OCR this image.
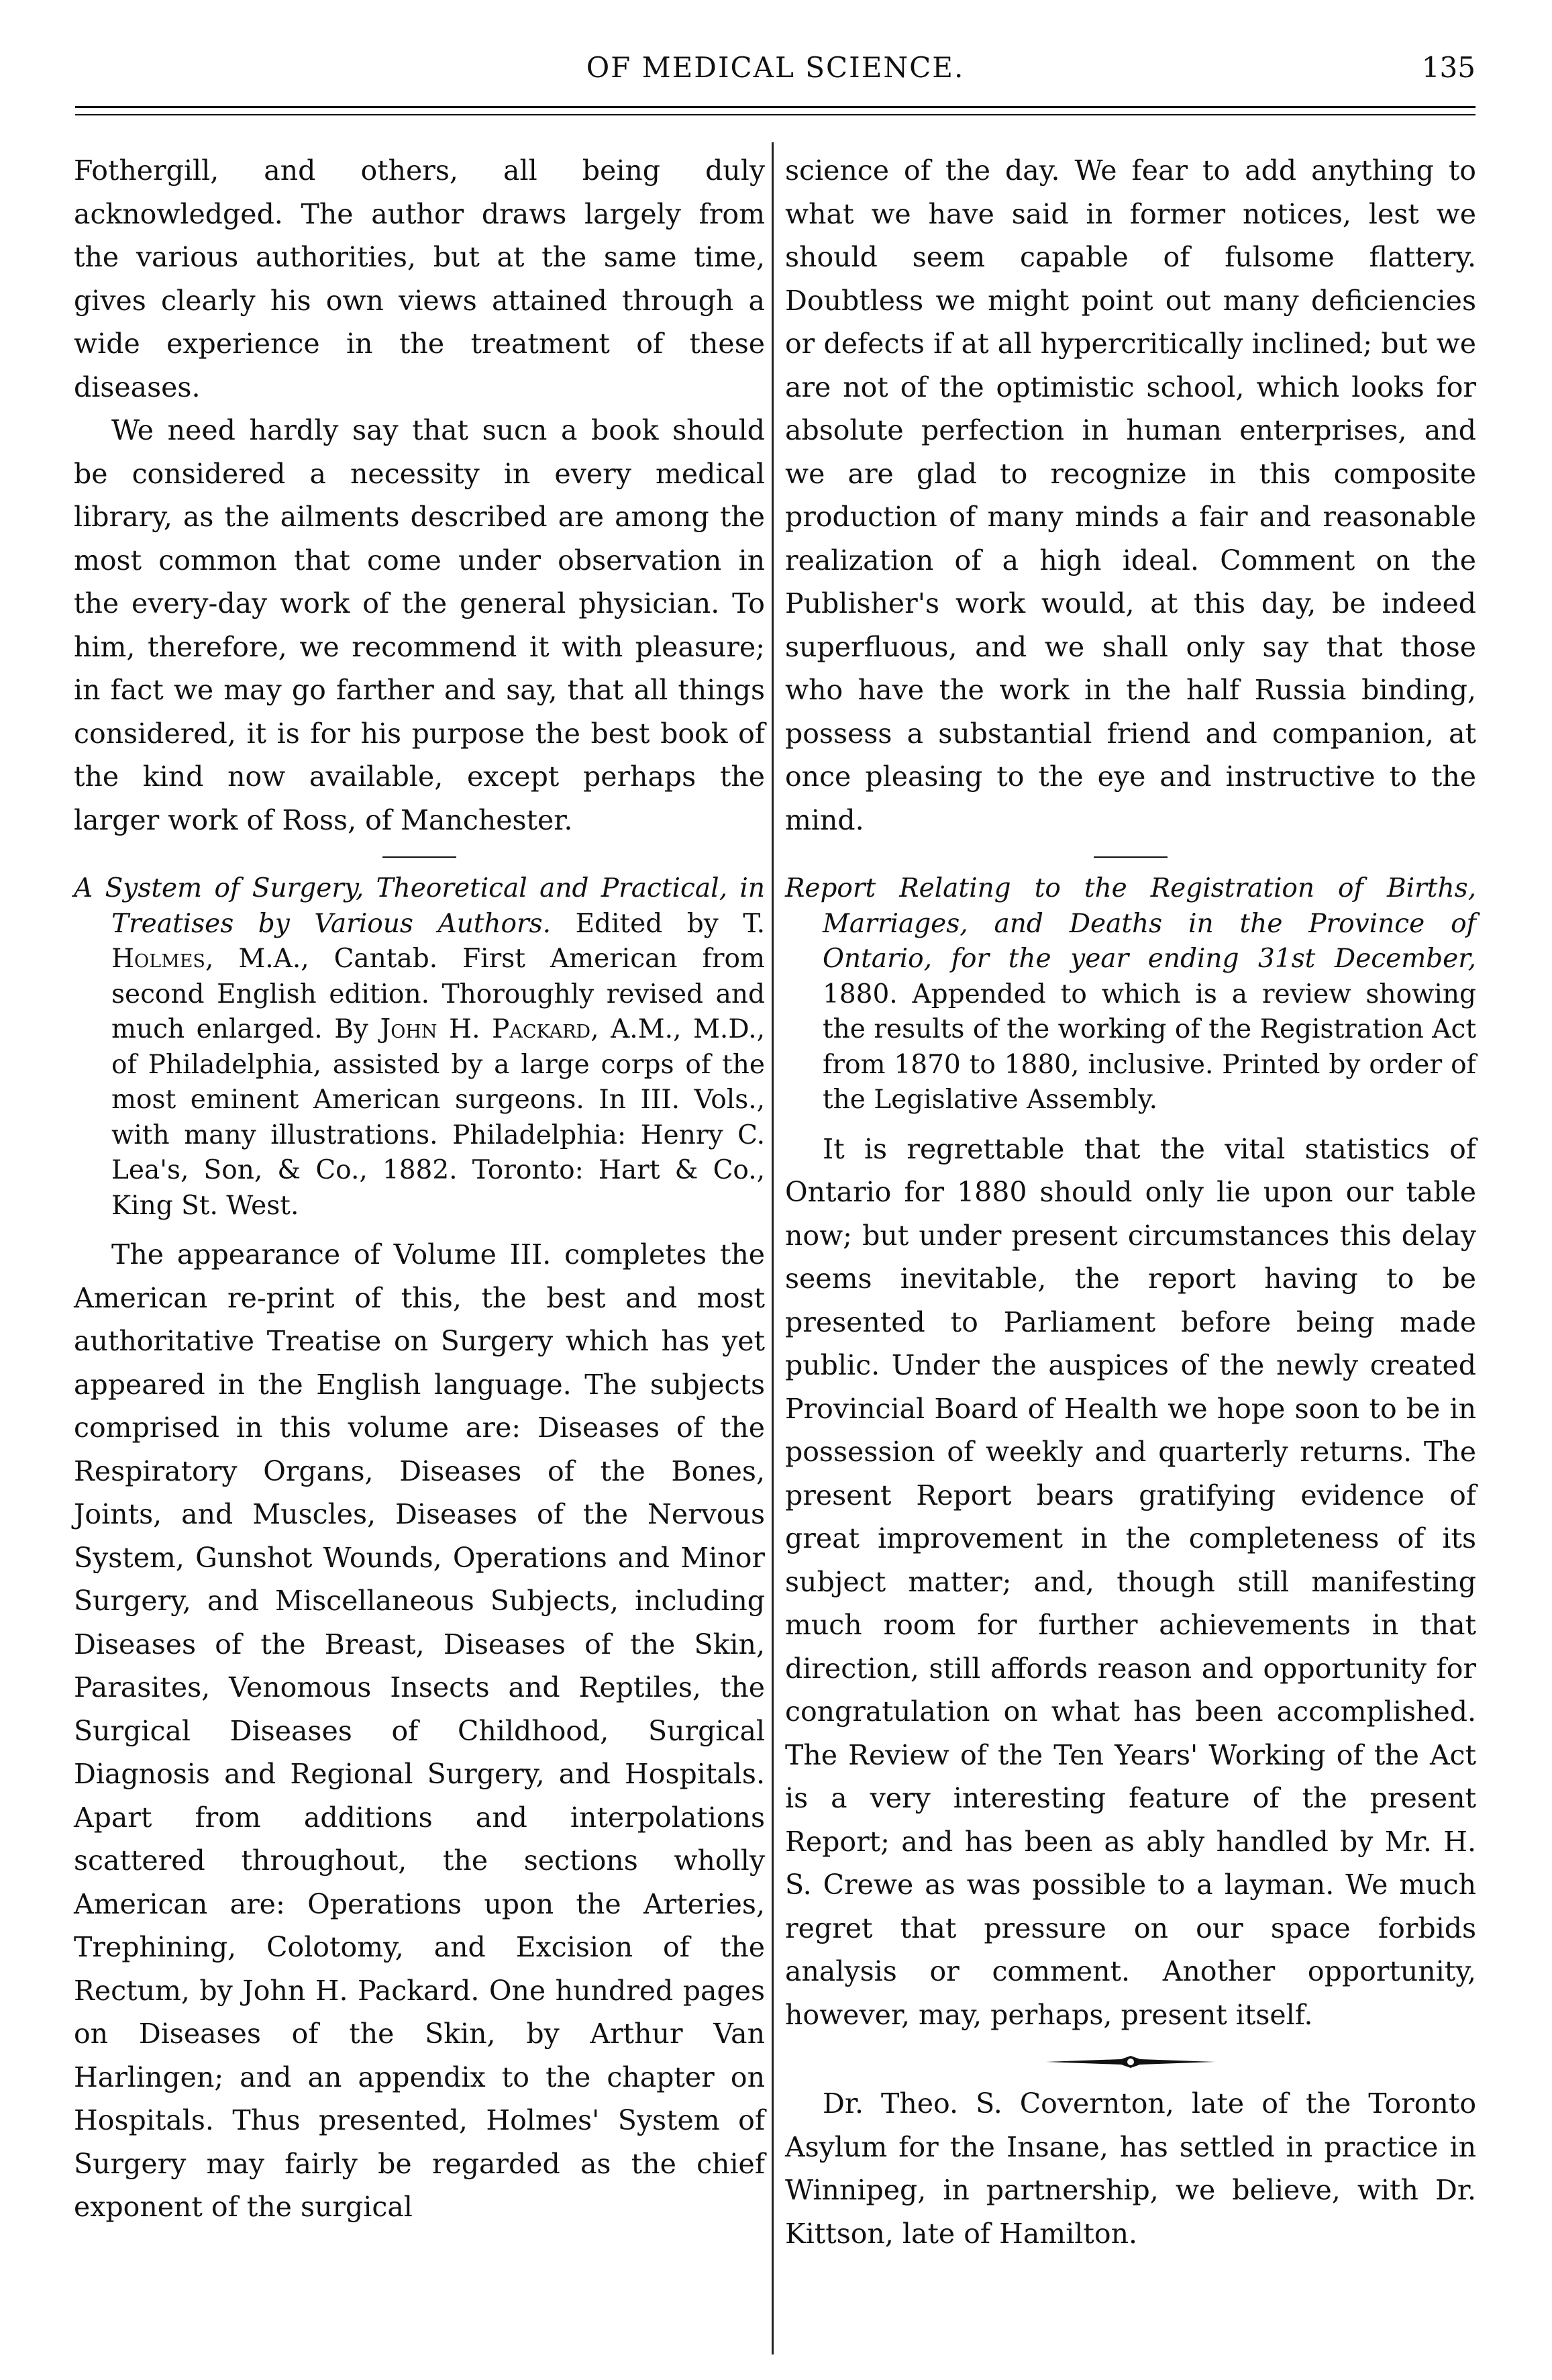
OF MEDICAL SCIENCE.	135

Fothergill, and others, all being duly acknowledged. The author draws largely from the various authorities, but at the same time, gives clearly his own views attained through a wide experience in the treatment of these diseases.

We need hardly say that sucn a book should be considered a necessity in every medical library, as the ailments described are among the most common that come under observation in the every-day work of the general physician. To him, therefore, we recommend it with pleasure; in fact we may go farther and say, that all things considered, it is for his purpose the best book of the kind now available, except perhaps the larger work of Ross, of Manchester.

A System of Surgery, Theoretical and Practical, in Treatises by Various Authors. Edited by T. Holmes, M.A., Cantab. First American from second English edition. Thoroughly revised and much enlarged. By John H. Packard, A.M., M.D., of Philadelphia, assisted by a large corps of the most eminent American surgeons. In III. Vols., with many illustrations. Philadelphia: Henry C. Lea's, Son, & Co., 1882. Toronto: Hart & Co., King St. West.

The appearance of Volume III. completes the American re-print of this, the best and most authoritative Treatise on Surgery which has yet appeared in the English language. The subjects comprised in this volume are: Diseases of the Respiratory Organs, Diseases of the Bones, Joints, and Muscles, Diseases of the Nervous System, Gunshot Wounds, Operations and Minor Surgery, and Miscellaneous Subjects, including Diseases of the Breast, Diseases of the Skin, Parasites, Venomous Insects and Reptiles, the Surgical Diseases of Childhood, Surgical Diagnosis and Regional Surgery, and Hospitals. Apart from additions and interpolations scattered throughout, the sections wholly American are: Operations upon the Arteries, Trephining, Colotomy, and Excision of the Rectum, by John H. Packard. One hundred pages on Diseases of the Skin, by Arthur Van Harlingen; and an appendix to the chapter on Hospitals. Thus presented, Holmes' System of Surgery may fairly be regarded as the chief exponent of the surgical

science of the day. We fear to add anything to what we have said in former notices, lest we should seem capable of fulsome flattery. Doubtless we might point out many deficiencies or defects if at all hypercritically inclined; but we are not of the optimistic school, which looks for absolute perfection in human enterprises, and we are glad to recognize in this composite production of many minds a fair and reasonable realization of a high ideal. Comment on the Publisher's work would, at this day, be indeed superfluous, and we shall only say that those who have the work in the half Russia binding, possess a substantial friend and companion, at once pleasing to the eye and instructive to the mind.

Report Relating to the Registration of Births, Marriages, and Deaths in the Province of Ontario, for the year ending 31st December, 1880. Appended to which is a review showing the results of the working of the Registration Act from 1870 to 1880, inclusive. Printed by order of the Legislative Assembly.

It is regrettable that the vital statistics of Ontario for 1880 should only lie upon our table now; but under present circumstances this delay seems inevitable, the report having to be presented to Parliament before being made public. Under the auspices of the newly created Provincial Board of Health we hope soon to be in possession of weekly and quarterly returns. The present Report bears gratifying evidence of great improvement in the completeness of its subject matter; and, though still manifesting much room for further achievements in that direction, still affords reason and opportunity for congratulation on what has been accomplished. The Review of the Ten Years' Working of the Act is a very interesting feature of the present Report; and has been as ably handled by Mr. H. S. Crewe as was possible to a layman. We much regret that pressure on our space forbids analysis or comment. Another opportunity, however, may, perhaps, present itself.

Dr. Theo. S. Covernton, late of the Toronto Asylum for the Insane, has settled in practice in Winnipeg, in partnership, we believe, with Dr. Kittson, late of Hamilton.
